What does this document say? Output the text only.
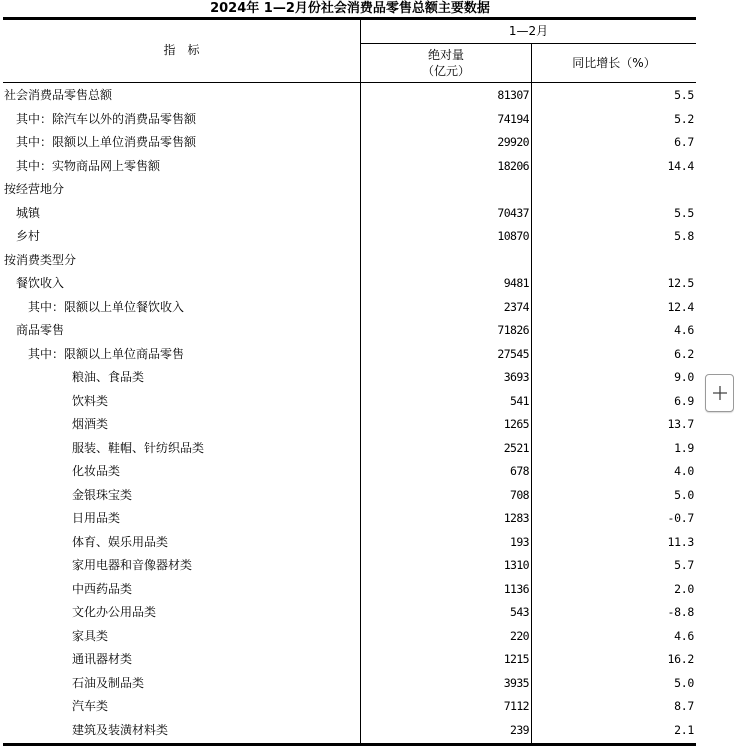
2024年 1—2月份社会消费品零售总额主要数据
指　标
1—2月
绝对量
（亿元）
同比增长（%）
社会消费品零售总额	81307	5.5
其中：除汽车以外的消费品零售额	74194	5.2
其中：限额以上单位消费品零售额	29920	6.7
其中：实物商品网上零售额	18206	14.4
按经营地分
城镇	70437	5.5
乡村	10870	5.8
按消费类型分
餐饮收入	9481	12.5
其中：限额以上单位餐饮收入	2374	12.4
商品零售	71826	4.6
其中：限额以上单位商品零售	27545	6.2
粮油、食品类	3693	9.0
饮料类	541	6.9
烟酒类	1265	13.7
服装、鞋帽、针纺织品类	2521	1.9
化妆品类	678	4.0
金银珠宝类	708	5.0
日用品类	1283	-0.7
体育、娱乐用品类	193	11.3
家用电器和音像器材类	1310	5.7
中西药品类	1136	2.0
文化办公用品类	543	-8.8
家具类	220	4.6
通讯器材类	1215	16.2
石油及制品类	3935	5.0
汽车类	7112	8.7
建筑及装潢材料类	239	2.1
